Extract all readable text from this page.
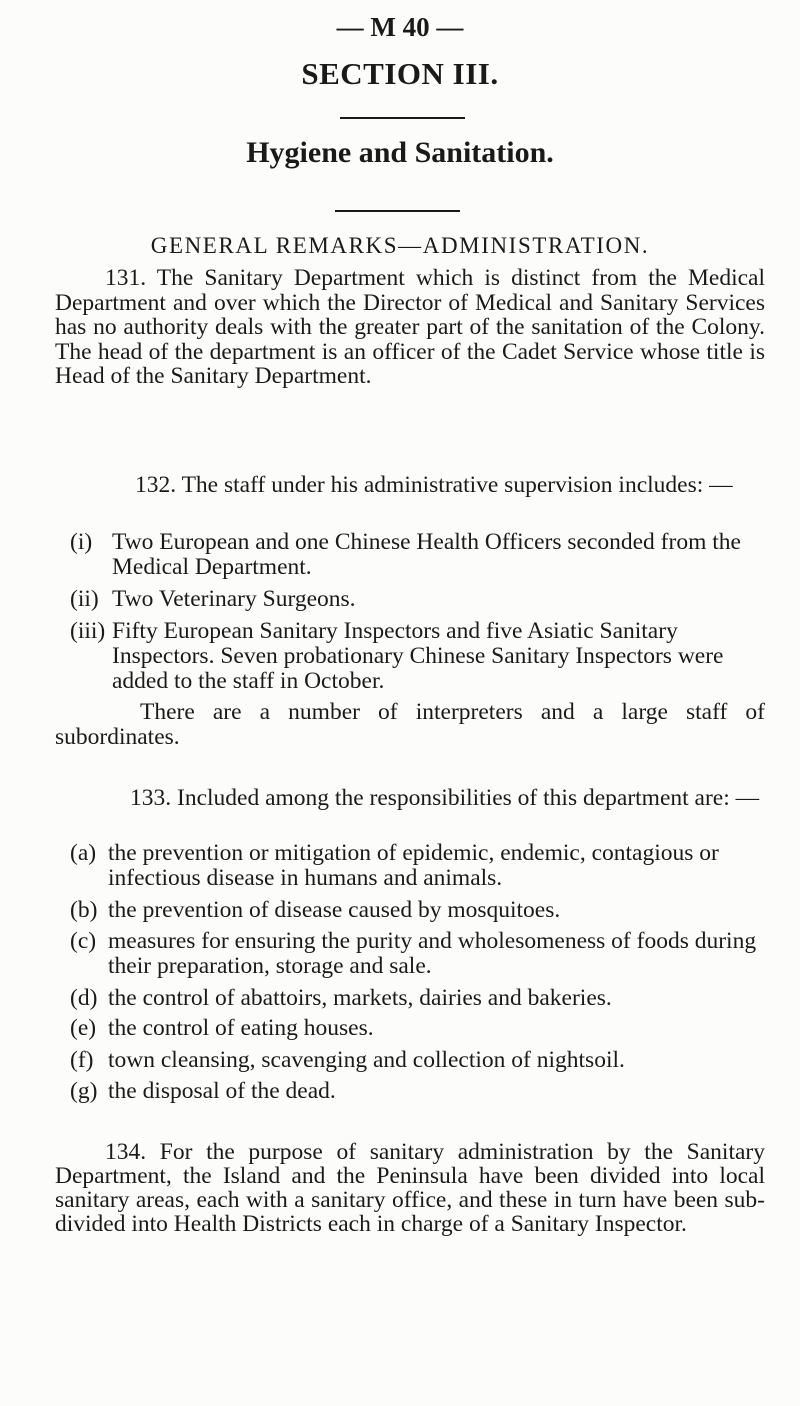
— M 40 —
SECTION III.
Hygiene and Sanitation.
GENERAL REMARKS—ADMINISTRATION.

131. The Sanitary Department which is distinct from the Medical Department and over which the Director of Medical and Sanitary Services has no authority deals with the greater part of the sanitation of the Colony. The head of the department is an officer of the Cadet Service whose title is Head of the Sanitary Department.

132. The staff under his administrative supervision includes: —

(i) Two European and one Chinese Health Officers seconded from the Medical Department.
(ii) Two Veterinary Surgeons.
(iii) Fifty European Sanitary Inspectors and five Asiatic Sanitary Inspectors. Seven probationary Chinese Sanitary Inspectors were added to the staff in October.

There are a number of interpreters and a large staff of subordinates.

133. Included among the responsibilities of this department are: —

(a) the prevention or mitigation of epidemic, endemic, contagious or infectious disease in humans and animals.
(b) the prevention of disease caused by mosquitoes.
(c) measures for ensuring the purity and wholesomeness of foods during their preparation, storage and sale.
(d) the control of abattoirs, markets, dairies and bakeries.
(e) the control of eating houses.
(f) town cleansing, scavenging and collection of nightsoil.
(g) the disposal of the dead.

134. For the purpose of sanitary administration by the Sanitary Department, the Island and the Peninsula have been divided into local sanitary areas, each with a sanitary office, and these in turn have been sub-divided into Health Districts each in charge of a Sanitary Inspector.
